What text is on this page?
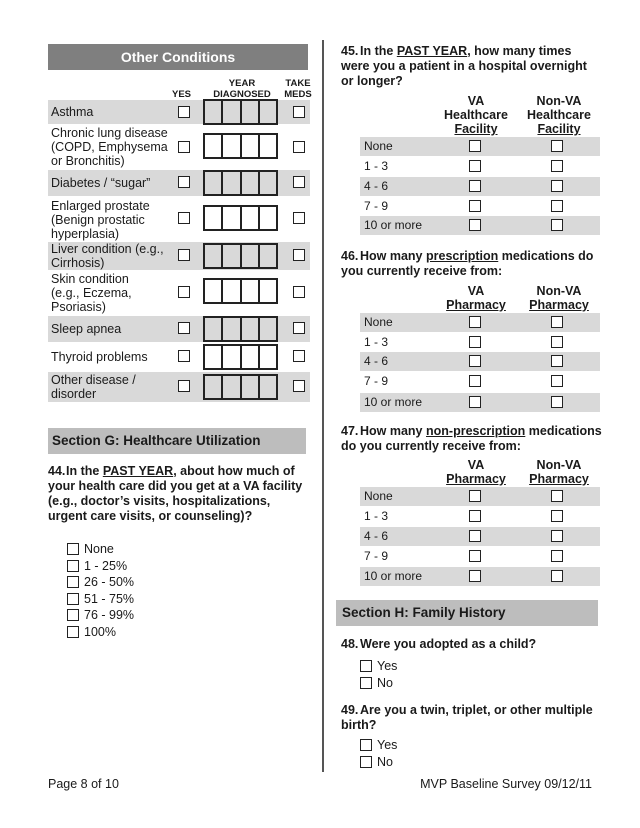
Other Conditions
YES
YEAR
DIAGNOSED
TAKE
MEDS
Asthma
Chronic lung disease (COPD, Emphysema or Bronchitis)
Diabetes / “sugar”
Enlarged prostate (Benign prostatic hyperplasia)
Liver condition (e.g., Cirrhosis)
Skin condition (e.g., Eczema, Psoriasis)
Sleep apnea
Thyroid problems
Other disease / disorder
Section G: Healthcare Utilization
44.In the PAST YEAR, about how much of your health care did you get at a VA facility (e.g., doctor’s visits, hospitalizations, urgent care visits, or counseling)?
None
1 - 25%
26 - 50%
51 - 75%
76 - 99%
100%
45. In the PAST YEAR, how many times were you a patient in a hospital overnight or longer?
VA
Healthcare
Facility
Non-VA
Healthcare
Facility
None
1 - 3
4 - 6
7 - 9
10 or more
46. How many prescription medications do you currently receive from:
VA
Pharmacy
Non-VA
Pharmacy
None
1 - 3
4 - 6
7 - 9
10 or more
47. How many non-prescription medications do you currently receive from:
VA
Pharmacy
Non-VA
Pharmacy
None
1 - 3
4 - 6
7 - 9
10 or more
Section H: Family History
48. Were you adopted as a child?
Yes
No
49. Are you a twin, triplet, or other multiple birth?
Yes
No
Page 8 of 10	MVP Baseline Survey 09/12/11
